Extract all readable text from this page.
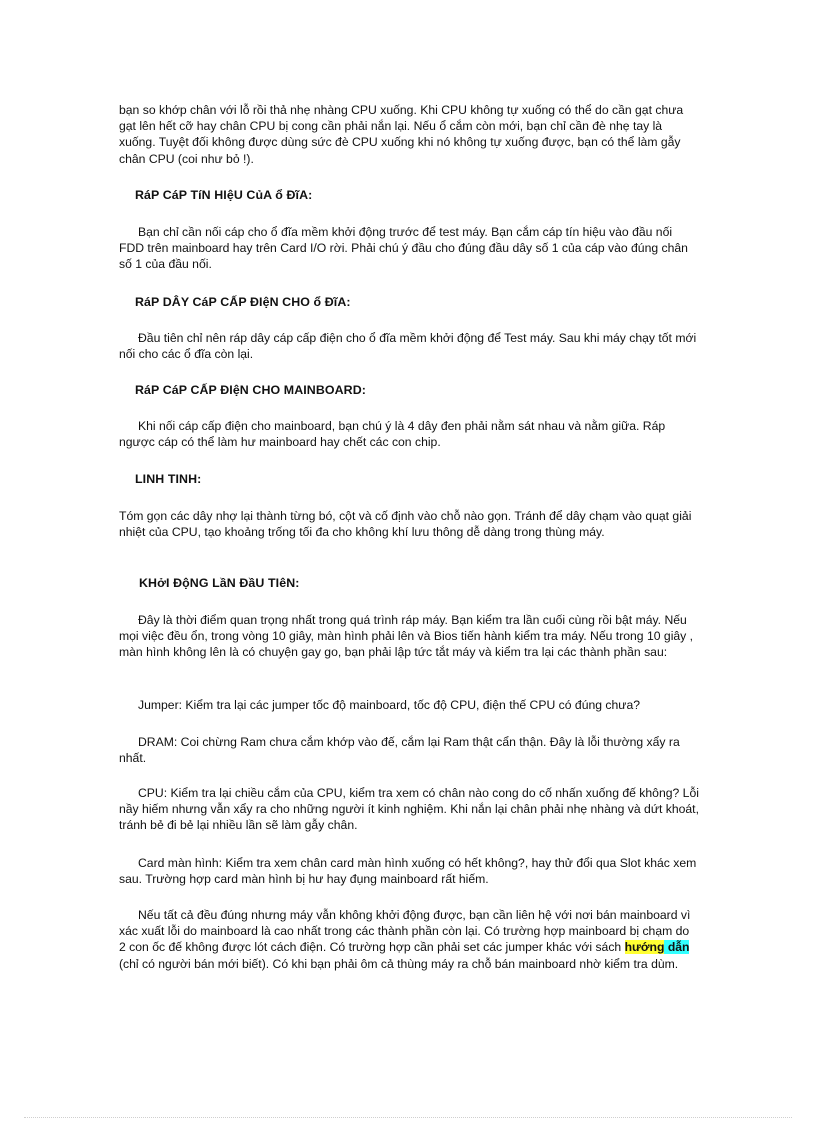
bạn so khớp chân với lỗ rồi thả nhẹ nhàng CPU xuống. Khi CPU không tự xuống có thể do cần gạt chưa gạt lên hết cỡ hay chân CPU bị cong cần phải nắn lại. Nếu ổ cắm còn mới, bạn chỉ cần đè nhẹ tay là xuống. Tuyệt đối không được dùng sức đè CPU xuống khi nó không tự xuống được, bạn có thể làm gẫy chân CPU (coi như bỏ !).

RáP CáP TíN HIệU CủA ổ ĐĩA:

Bạn chỉ cần nối cáp cho ổ đĩa mềm khởi động trước để test máy. Bạn cắm cáp tín hiệu vào đầu nối FDD trên mainboard hay trên Card I/O rời. Phải chú ý đầu cho đúng đầu dây số 1 của cáp vào đúng chân số 1 của đầu nối.

RáP DÂY CáP CẤP ĐIệN CHO ổ ĐĩA:

Đầu tiên chỉ nên ráp dây cáp cấp điện cho ổ đĩa mềm khởi động để Test máy. Sau khi máy chạy tốt mới nối cho các ổ đĩa còn lại.

RáP CáP CẤP ĐIệN CHO MAINBOARD:

Khi nối cáp cấp điện cho mainboard, bạn chú ý là 4 dây đen phải nằm sát nhau và nằm giữa. Ráp ngược cáp có thể làm hư mainboard hay chết các con chip.

LINH TINH:

Tóm gọn các dây nhợ lại thành từng bó, cột và cố định vào chỗ nào gọn. Tránh để dây chạm vào quạt giải nhiệt của CPU, tạo khoảng trống tối đa cho không khí lưu thông dễ dàng trong thùng máy.

KHởI ĐộNG LầN ĐầU TIêN:

Đây là thời điểm quan trọng nhất trong quá trình ráp máy. Bạn kiểm tra lần cuối cùng rồi bật máy. Nếu mọi việc đều ổn, trong vòng 10 giây, màn hình phải lên và Bios tiến hành kiểm tra máy. Nếu trong 10 giây , màn hình không lên là có chuyện gay go, bạn phải lập tức tắt máy và kiểm tra lại các thành phần sau:

Jumper: Kiểm tra lại các jumper tốc độ mainboard, tốc độ CPU, điện thế CPU có đúng chưa?

DRAM: Coi chừng Ram chưa cắm khớp vào đế, cắm lại Ram thật cẩn thận. Đây là lỗi thường xẩy ra nhất.

CPU: Kiểm tra lại chiều cắm của CPU, kiểm tra xem có chân nào cong do cố nhấn xuống đế không? Lỗi nầy hiếm nhưng vẫn xẩy ra cho những người ít kinh nghiệm. Khi nắn lại chân phải nhẹ nhàng và dứt khoát, tránh bẻ đi bẻ lại nhiều lần sẽ làm gẫy chân.

Card màn hình: Kiểm tra xem chân card màn hình xuống có hết không?, hay thử đổi qua Slot khác xem sau. Trường hợp card màn hình bị hư hay đụng mainboard rất hiếm.

Nếu tất cả đều đúng nhưng máy vẫn không khởi động được, bạn cần liên hệ với nơi bán mainboard vì xác xuất lỗi do mainboard là cao nhất trong các thành phần còn lại. Có trường hợp mainboard bị chạm do 2 con ốc đế không được lót cách điện. Có trường hợp cần phải set các jumper khác với sách hướng dẫn (chỉ có người bán mới biết). Có khi bạn phải ôm cả thùng máy ra chỗ bán mainboard nhờ kiểm tra dùm.
